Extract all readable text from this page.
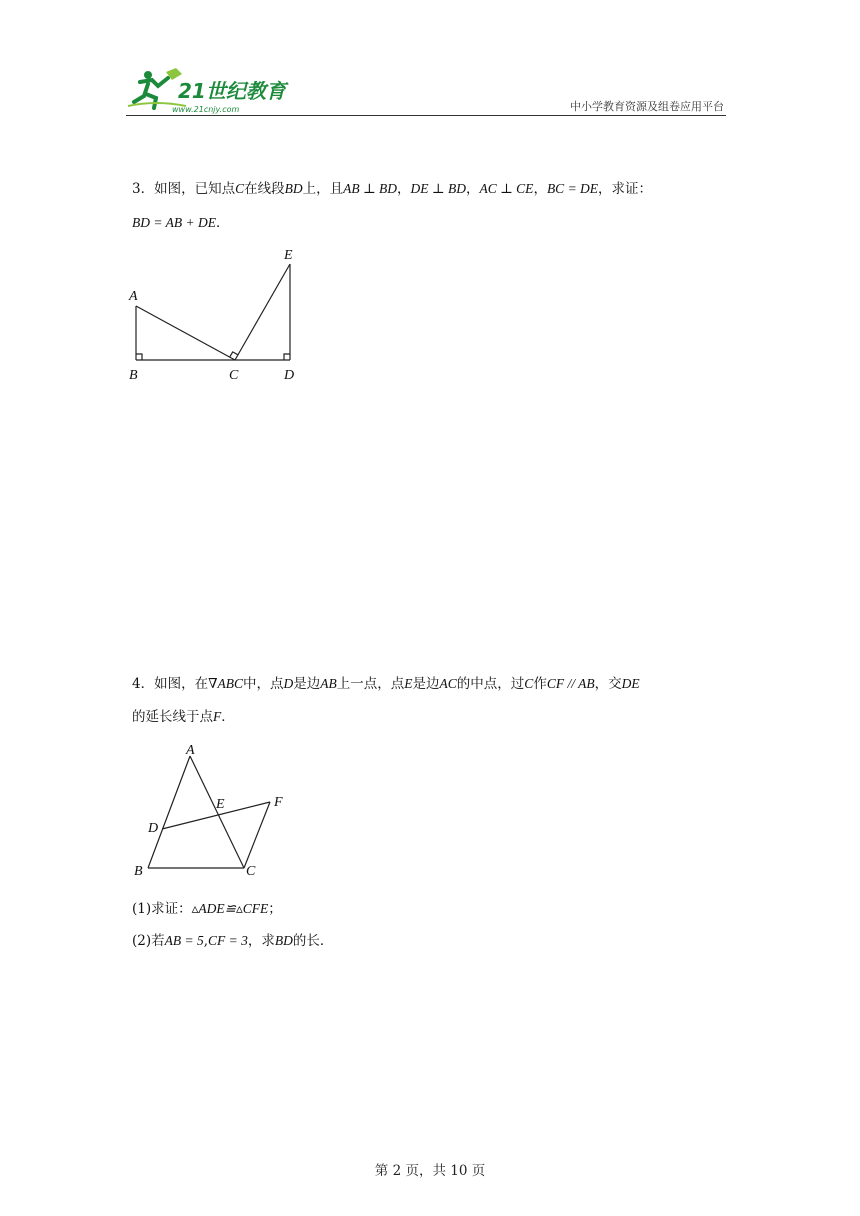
21世纪教育
www.21cnjy.com	中小学教育资源及组卷应用平台
3．如图，已知点C在线段BD上，且AB ⊥ BD，DE ⊥ BD，AC ⊥ CE，BC = DE，求证：
BD = AB + DE．
A
B	C	D
E
4．如图，在∇ABC中，点D是边AB上一点，点E是边AC的中点，过C作CF // AB，交DE
的延长线于点F．
A
B	C
D
E	F
(1)求证：▵ADE≌▵CFE；
(2)若AB = 5,CF = 3，求BD的长．
第 2 页，共 10 页
